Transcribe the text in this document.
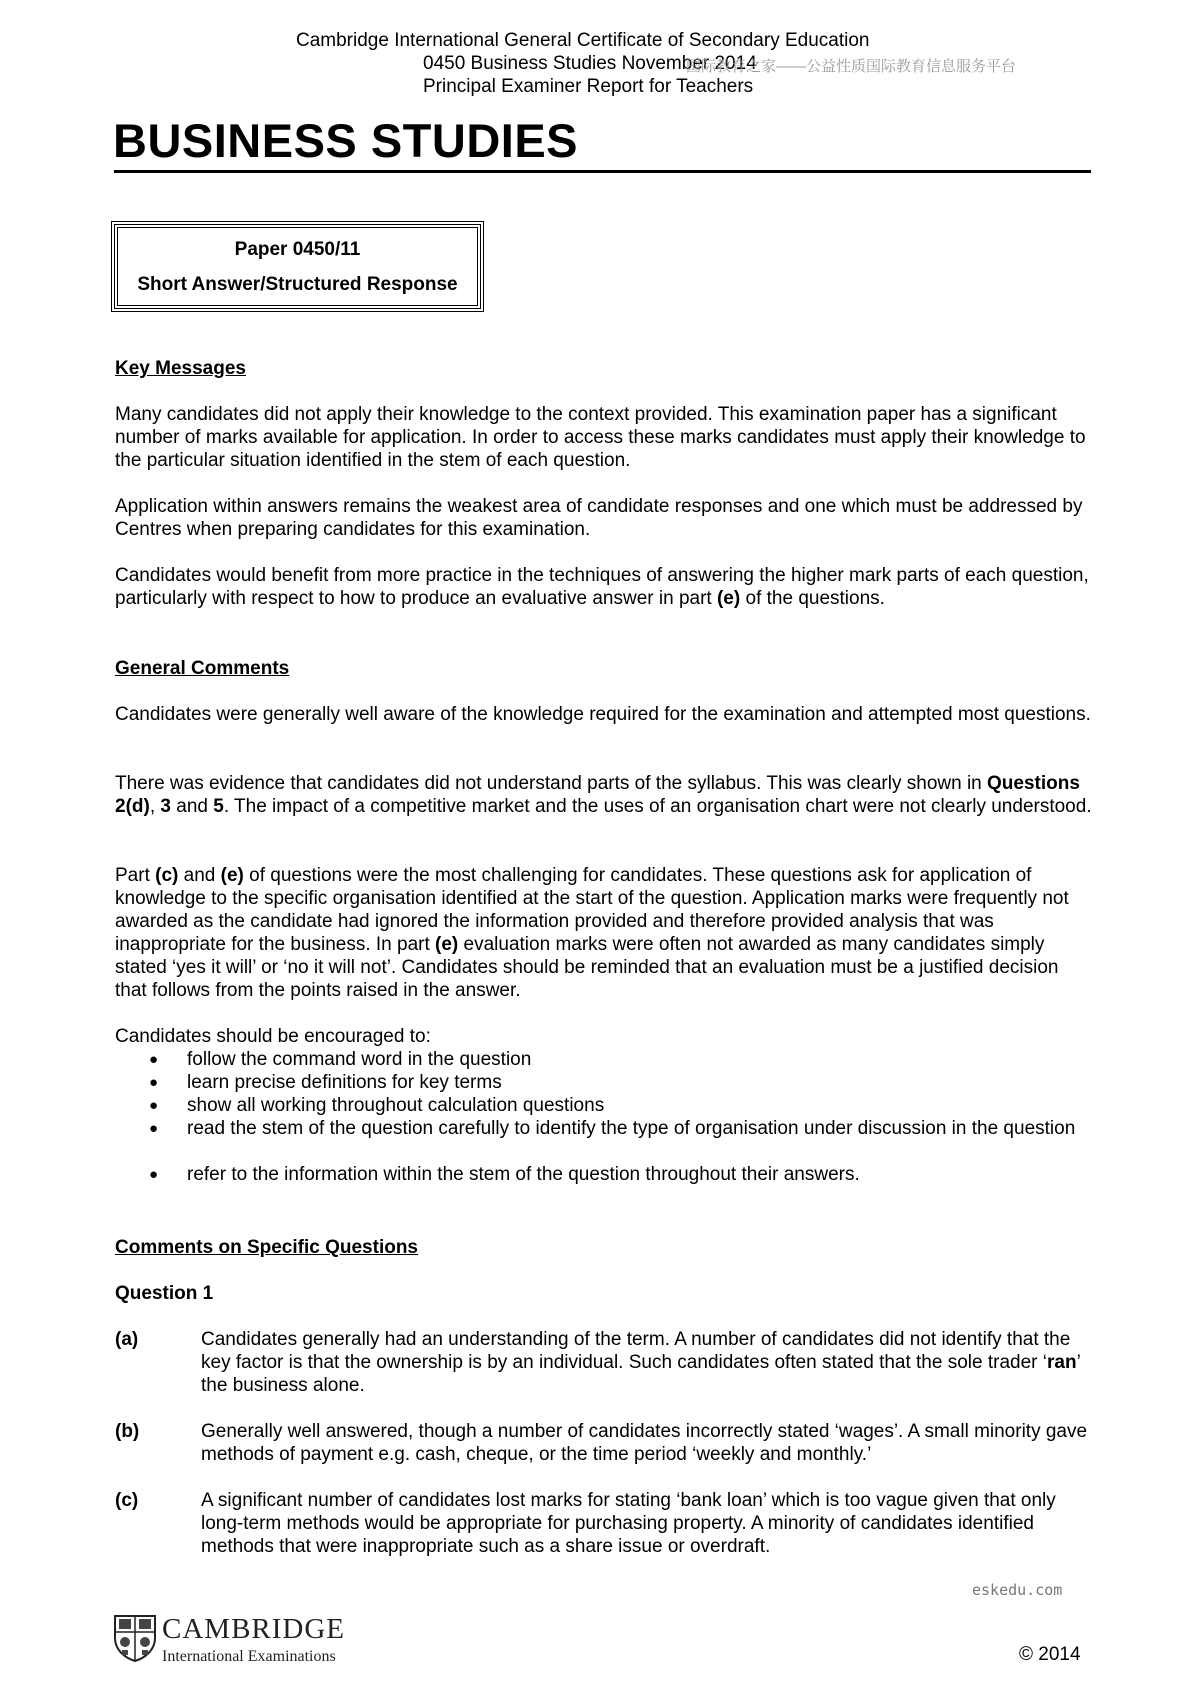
Cambridge International General Certificate of Secondary Education
0450 Business Studies November 2014
国际教育之家——公益性质国际教育信息服务平台
Principal Examiner Report for Teachers
BUSINESS STUDIES
Paper 0450/11
Short Answer/Structured Response
Key Messages
Many candidates did not apply their knowledge to the context provided. This examination paper has a significant number of marks available for application. In order to access these marks candidates must apply their knowledge to the particular situation identified in the stem of each question.
Application within answers remains the weakest area of candidate responses and one which must be addressed by Centres when preparing candidates for this examination.
Candidates would benefit from more practice in the techniques of answering the higher mark parts of each question, particularly with respect to how to produce an evaluative answer in part (e) of the questions.
General Comments
Candidates were generally well aware of the knowledge required for the examination and attempted most questions.
There was evidence that candidates did not understand parts of the syllabus. This was clearly shown in Questions 2(d), 3 and 5. The impact of a competitive market and the uses of an organisation chart were not clearly understood.
Part (c) and (e) of questions were the most challenging for candidates. These questions ask for application of knowledge to the specific organisation identified at the start of the question. Application marks were frequently not awarded as the candidate had ignored the information provided and therefore provided analysis that was inappropriate for the business. In part (e) evaluation marks were often not awarded as many candidates simply stated ‘yes it will’ or ‘no it will not’. Candidates should be reminded that an evaluation must be a justified decision that follows from the points raised in the answer.
Candidates should be encouraged to:
● follow the command word in the question
● learn precise definitions for key terms
● show all working throughout calculation questions
● read the stem of the question carefully to identify the type of organisation under discussion in the question
● refer to the information within the stem of the question throughout their answers.
Comments on Specific Questions
Question 1
(a)	Candidates generally had an understanding of the term. A number of candidates did not identify that the key factor is that the ownership is by an individual. Such candidates often stated that the sole trader ‘ran’ the business alone.
(b)	Generally well answered, though a number of candidates incorrectly stated ‘wages’. A small minority gave methods of payment e.g. cash, cheque, or the time period ‘weekly and monthly.’
(c)	A significant number of candidates lost marks for stating ‘bank loan’ which is too vague given that only long-term methods would be appropriate for purchasing property. A minority of candidates identified methods that were inappropriate such as a share issue or overdraft.
eskedu.com
CAMBRIDGE
International Examinations	© 2014
